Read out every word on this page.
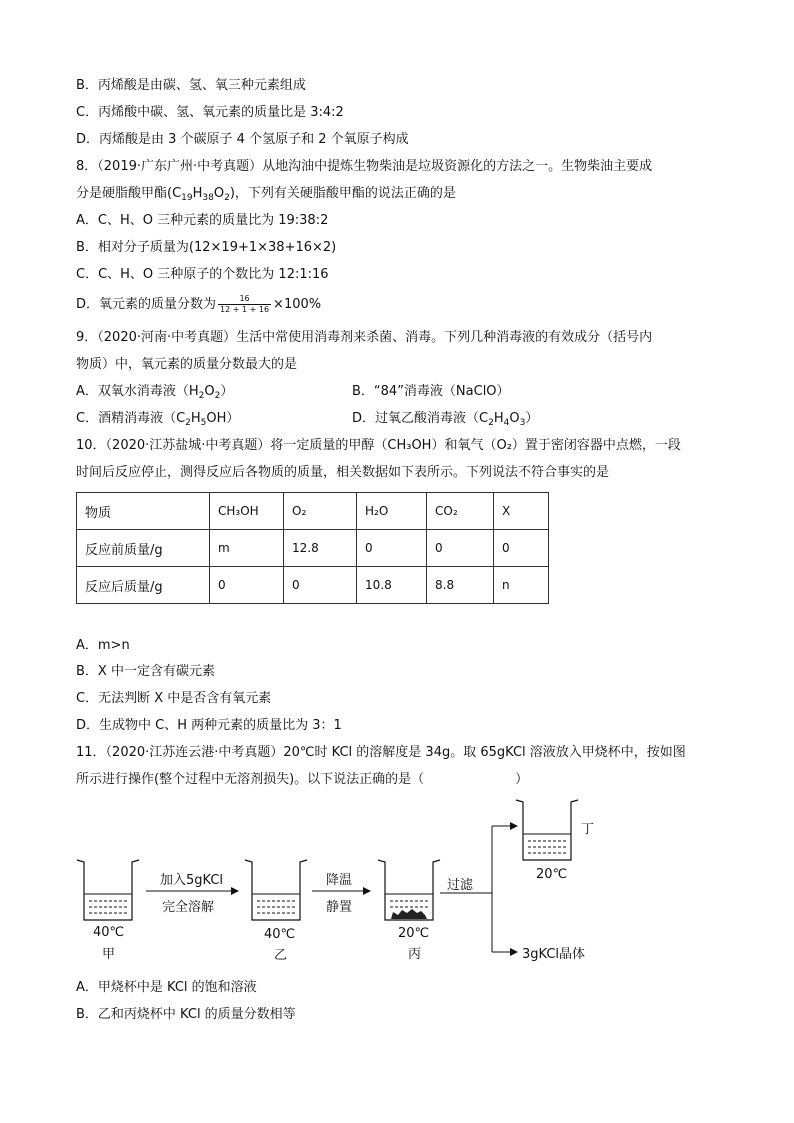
B．丙烯酸是由碳、氢、氧三种元素组成
C．丙烯酸中碳、氢、氧元素的质量比是 3:4:2
D．丙烯酸是由 3 个碳原子 4 个氢原子和 2 个氧原子构成
8．（2019·广东广州·中考真题）从地沟油中提炼生物柴油是垃圾资源化的方法之一。生物柴油主要成
分是硬脂酸甲酯$(C_{19}H_{38}O_2)$，下列有关硬脂酸甲酯的说法正确的是
A．C、H、O 三种元素的质量比为 19:38:2
B．相对分子质量为(12×19+1×38+16×2)
C．C、H、O 三种原子的个数比为 12:1:16
D．氧元素的质量分数为 $\frac{16}{12 + 1 + 16} \times 100\%$
9．（2020·河南·中考真题）生活中常使用消毒剂来杀菌、消毒。下列几种消毒液的有效成分（括号内
物质）中，氧元素的质量分数最大的是
A．双氧水消毒液$(H_2O_2)$	B．“84”消毒液（NaClO）
C．酒精消毒液$(C_2H_5OH)$	D．过氧乙酸消毒液$(C_2H_4O_3)$
10．（2020·江苏盐城·中考真题）将一定质量的甲醇（CH₃OH）和氧气（O₂）置于密闭容器中点燃，一段
时间后反应停止，测得反应后各物质的质量，相关数据如下表所示。下列说法不符合事实的是
物质	CH₃OH	O₂	H₂O	CO₂	X
反应前质量/g	m	12.8	0	0	0
反应后质量/g	0	0	10.8	8.8	n
A．m>n
B．X 中一定含有碳元素
C．无法判断 X 中是否含有氧元素
D．生成物中 C、H 两种元素的质量比为 3：1
11．（2020·江苏连云港·中考真题）20℃时 KCl 的溶解度是 34g。取 65gKCl 溶液放入甲烧杯中，按如图
所示进行操作(整个过程中无溶剂损失)。以下说法正确的是（　　　　　　　）
加入5gKCl
完全溶解
降温
静置
过滤
40℃
甲
40℃
乙
20℃
丙
20℃
丁
3gKCl晶体
A．甲烧杯中是 KCl 的饱和溶液
B．乙和丙烧杯中 KCl 的质量分数相等
